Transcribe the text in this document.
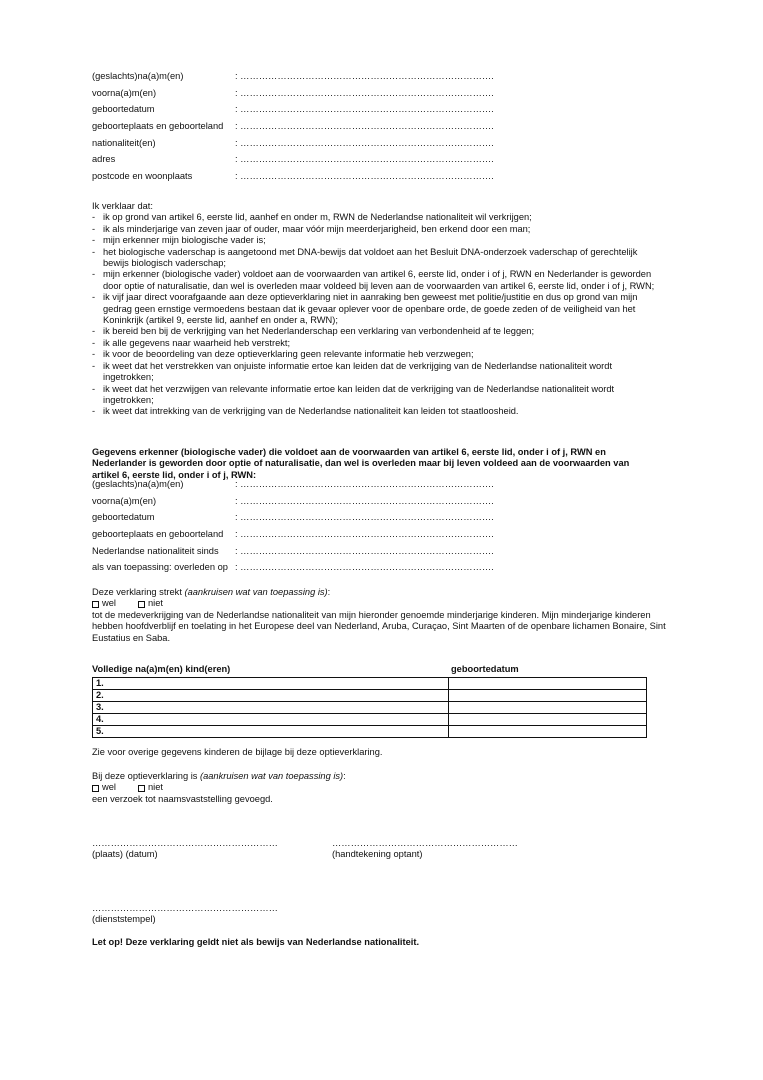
(geslachts)na(a)m(en)	: ……………………………………………………………………….
voorna(a)m(en)	: ……………………………………………………………………….
geboortedatum	: ……………………………………………………………………….
geboorteplaats en geboorteland : ……………………………………………………………………….
nationaliteit(en)	: ……………………………………………………………………….
adres	: ……………………………………………………………………….
postcode en woonplaats	: ……………………………………………………………………….
Ik verklaar dat:
- ik op grond van artikel 6, eerste lid, aanhef en onder m, RWN de Nederlandse nationaliteit wil verkrijgen;
- ik als minderjarige van zeven jaar of ouder, maar vóór mijn meerderjarigheid, ben erkend door een man;
- mijn erkenner mijn biologische vader is;
- het biologische vaderschap is aangetoond met DNA-bewijs dat voldoet aan het Besluit DNA-onderzoek vaderschap of gerechtelijk bewijs biologisch vaderschap;
- mijn erkenner (biologische vader) voldoet aan de voorwaarden van artikel 6, eerste lid, onder i of j, RWN en Nederlander is geworden door optie of naturalisatie, dan wel is overleden maar voldeed bij leven aan de voorwaarden van artikel 6, eerste lid, onder i of j, RWN;
- ik vijf jaar direct voorafgaande aan deze optieverklaring niet in aanraking ben geweest met politie/justitie en dus op grond van mijn gedrag geen ernstige vermoedens bestaan dat ik gevaar oplever voor de openbare orde, de goede zeden of de veiligheid van het Koninkrijk (artikel 9, eerste lid, aanhef en onder a, RWN);
- ik bereid ben bij de verkrijging van het Nederlanderschap een verklaring van verbondenheid af te leggen;
- ik alle gegevens naar waarheid heb verstrekt;
- ik voor de beoordeling van deze optieverklaring geen relevante informatie heb verzwegen;
- ik weet dat het verstrekken van onjuiste informatie ertoe kan leiden dat de verkrijging van de Nederlandse nationaliteit wordt ingetrokken;
- ik weet dat het verzwijgen van relevante informatie ertoe kan leiden dat de verkrijging van de Nederlandse nationaliteit wordt ingetrokken;
- ik weet dat intrekking van de verkrijging van de Nederlandse nationaliteit kan leiden tot staatloosheid.
Gegevens erkenner (biologische vader) die voldoet aan de voorwaarden van artikel 6, eerste lid, onder i of j, RWN en Nederlander is geworden door optie of naturalisatie, dan wel is overleden maar bij leven voldeed aan de voorwaarden van artikel 6, eerste lid, onder i of j, RWN:
(geslachts)na(a)m(en)	: ……………………………………………………………………….
voorna(a)m(en)	: ……………………………………………………………………….
geboortedatum	: ……………………………………………………………………….
geboorteplaats en geboorteland : ……………………………………………………………………….
Nederlandse nationaliteit sinds : ……………………………………………………………………….
als van toepassing: overleden op : ……………………………………………………………………….
Deze verklaring strekt (aankruisen wat van toepassing is):
wel	niet
tot de medeverkrijging van de Nederlandse nationaliteit van mijn hieronder genoemde minderjarige kinderen. Mijn minderjarige kinderen hebben hoofdverblijf en toelating in het Europese deel van Nederland, Aruba, Curaçao, Sint Maarten of de openbare lichamen Bonaire, Sint Eustatius en Saba.
Volledige na(a)m(en) kind(eren)	geboortedatum
1.	
2.	
3.	
4.	
5.	
Zie voor overige gegevens kinderen de bijlage bij deze optieverklaring.
Bij deze optieverklaring is (aankruisen wat van toepassing is):
wel	niet
een verzoek tot naamsvaststelling gevoegd.
……………………………………………………
(plaats) (datum)
……………………………………………………
(handtekening optant)
……………………………………………………
(dienststempel)
Let op! Deze verklaring geldt niet als bewijs van Nederlandse nationaliteit.
